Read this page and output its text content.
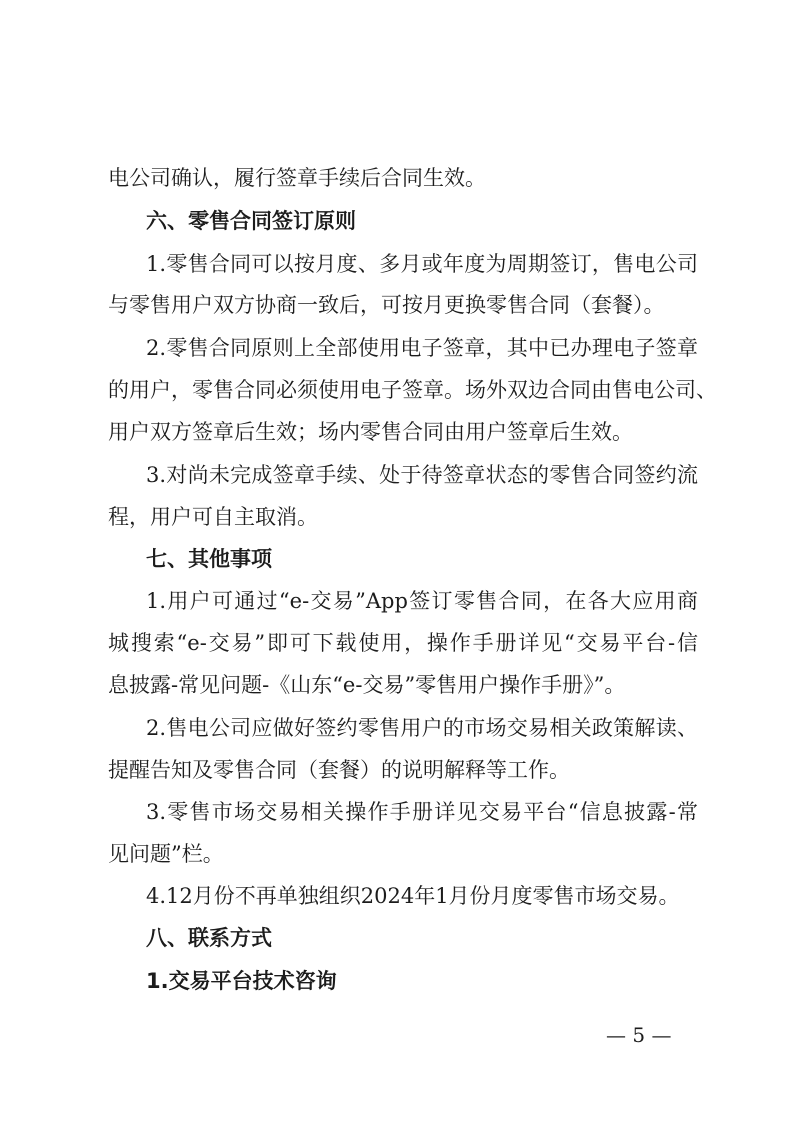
电公司确认，履行签章手续后合同生效。
六、零售合同签订原则
1.零售合同可以按月度、多月或年度为周期签订，售电公司
与零售用户双方协商一致后，可按月更换零售合同（套餐）。
2.零售合同原则上全部使用电子签章，其中已办理电子签章
的用户，零售合同必须使用电子签章。场外双边合同由售电公司、
用户双方签章后生效；场内零售合同由用户签章后生效。
3.对尚未完成签章手续、处于待签章状态的零售合同签约流
程，用户可自主取消。
七、其他事项
1.用户可通过“e-交易”App签订零售合同，在各大应用商
城搜索“e-交易”即可下载使用，操作手册详见“交易平台-信
息披露-常见问题-《山东“e-交易”零售用户操作手册》”。
2.售电公司应做好签约零售用户的市场交易相关政策解读、
提醒告知及零售合同（套餐）的说明解释等工作。
3.零售市场交易相关操作手册详见交易平台“信息披露-常
见问题”栏。
4.12月份不再单独组织2024年1月份月度零售市场交易。
八、联系方式
1.交易平台技术咨询
— 5 —
